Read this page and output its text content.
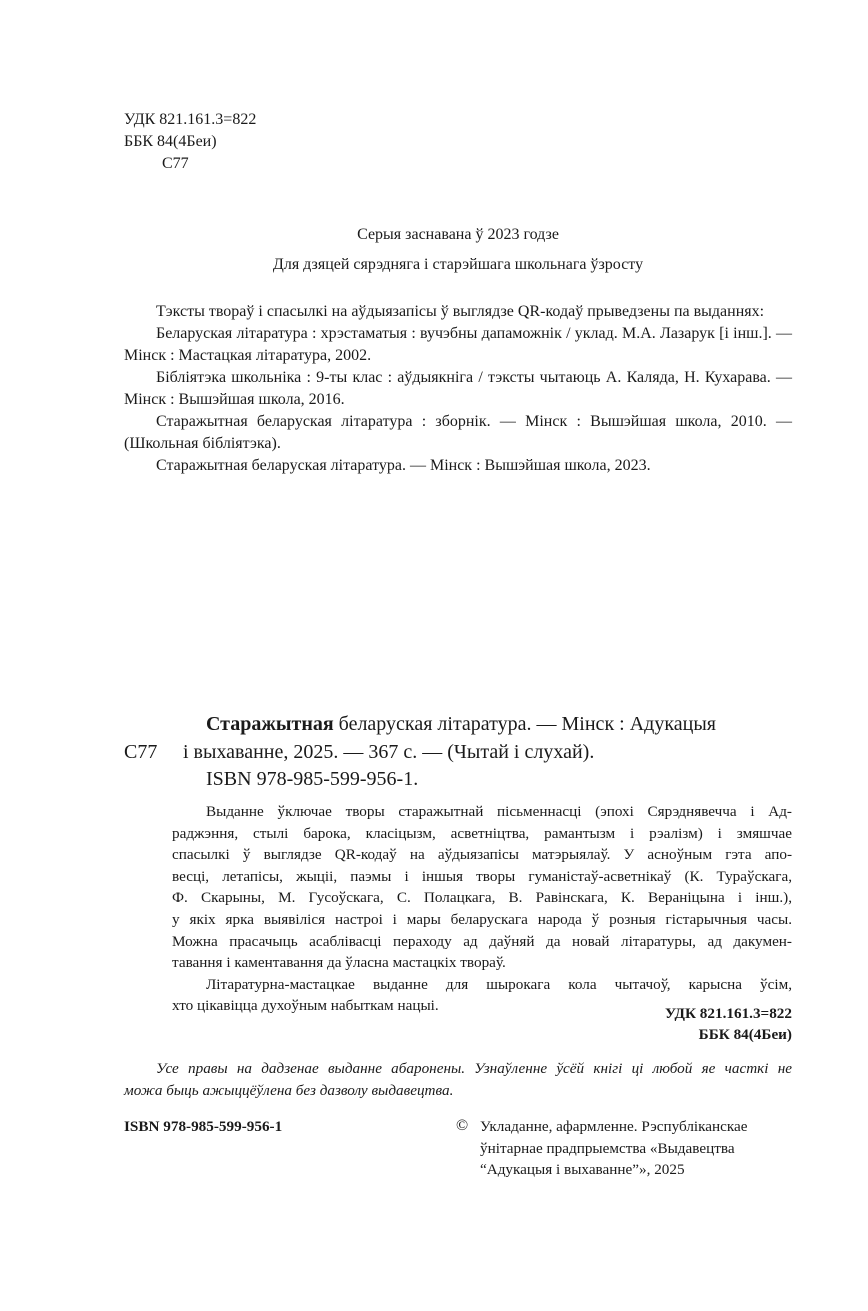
УДК 821.161.3=822
ББК 84(4Беи)
С77
Серыя заснавана ў 2023 годзе
Для дзяцей сярэдняга і старэйшага школьнага ўзросту
Тэксты твораў і спасылкі на аўдыязапісы ў выглядзе QR-кодаў прыведзены па выданнях:
Беларуская літаратура : хрэстаматыя : вучэбны дапаможнік / уклад. М.А. Лазарук [і інш.]. — Мінск : Мастацкая літаратура, 2002.
Бібліятэка школьніка : 9-ты клас : аўдыякніга / тэксты чытаюць А. Каляда, Н. Кухарава. — Мінск : Вышэйшая школа, 2016.
Старажытная беларуская літаратура : зборнік. — Мінск : Вышэйшая школа, 2010. — (Школьная бібліятэка).
Старажытная беларуская літаратура. — Мінск : Вышэйшая школа, 2023.
Старажытная беларуская літаратура. — Мінск : Адукацыя
С77 і выхаванне, 2025. — 367 с. — (Чытай і слухай).
ISBN 978-985-599-956-1.
Выданне ўключае творы старажытнай пісьменнасці (эпохі Сярэднявечча і Ад-
раджэння, стылі барока, класіцызм, асветніцтва, рамантызм і рэалізм) і змяшчае
спасылкі ў выглядзе QR-кодаў на аўдыязапісы матэрыялаў. У асноўным гэта апо-
весці, летапісы, жыціі, паэмы і іншыя творы гуманістаў-асветнікаў (К. Тураўскага,
Ф. Скарыны, М. Гусоўскага, С. Полацкага, В. Равінскага, К. Вераніцына і інш.),
у якіх ярка выявіліся настроі і мары беларускага народа ў розныя гістарычныя часы.
Можна прасачыць асаблівасці пераходу ад даўняй да новай літаратуры, ад дакумен-
тавання і каментавання да ўласна мастацкіх твораў.
Літаратурна-мастацкае выданне для шырокага кола чытачоў, карысна ўсім,
хто цікавіцца духоўным набыткам нацыі.	УДК 821.161.3=822
ББК 84(4Беи)
Усе правы на дадзенае выданне абаронены. Узнаўленне ўсёй кнігі ці любой яе часткі не
можа быць ажыццёўлена без дазволу выдавецтва.
ISBN 978-985-599-956-1	© Укладанне, афармленне. Рэспубліканскае
ўнітарнае прадпрыемства «Выдавецтва
“Адукацыя і выхаванне”», 2025
